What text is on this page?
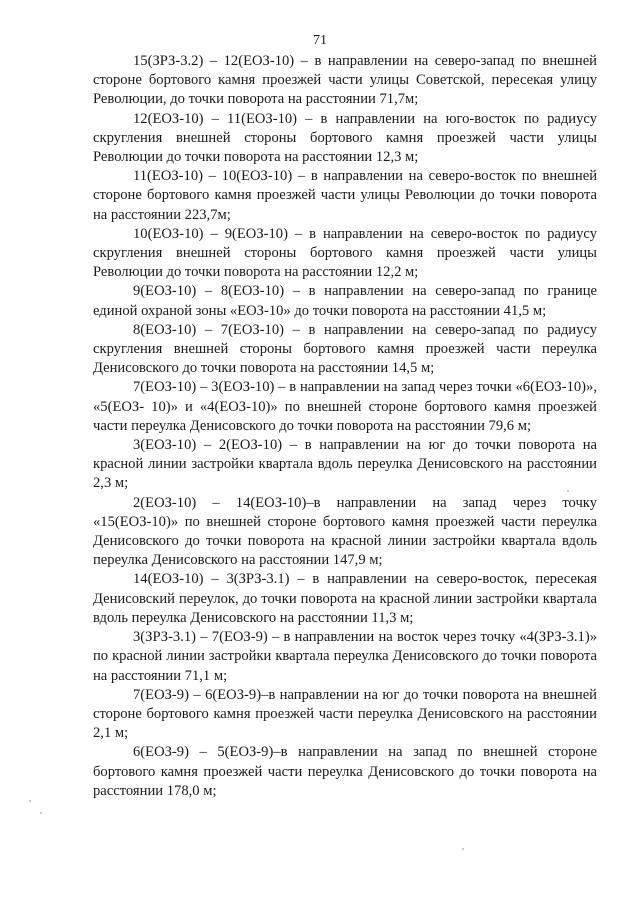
71

15(ЗРЗ-3.2) – 12(ЕОЗ-10) – в направлении на северо-запад по внешней стороне бортового камня проезжей части улицы Советской, пересекая улицу Революции, до точки поворота на расстоянии 71,7м;

12(ЕОЗ-10) – 11(ЕОЗ-10) – в направлении на юго-восток по радиусу скругления внешней стороны бортового камня проезжей части улицы Революции до точки поворота на расстоянии 12,3 м;

11(ЕОЗ-10) – 10(ЕОЗ-10) – в направлении на северо-восток по внешней стороне бортового камня проезжей части улицы Революции до точки поворота на расстоянии 223,7м;

10(ЕОЗ-10) – 9(ЕОЗ-10) – в направлении на северо-восток по радиусу скругления внешней стороны бортового камня проезжей части улицы Революции до точки поворота на расстоянии 12,2 м;

9(ЕОЗ-10) – 8(ЕОЗ-10) – в направлении на северо-запад по границе единой охраной зоны «ЕОЗ-10» до точки поворота на расстоянии 41,5 м;

8(ЕОЗ-10) – 7(ЕОЗ-10) – в направлении на северо-запад по радиусу скругления внешней стороны бортового камня проезжей части переулка Денисовского до точки поворота на расстоянии 14,5 м;

7(ЕОЗ-10) – 3(ЕОЗ-10) – в направлении на запад через точки «6(ЕОЗ-10)», «5(ЕОЗ- 10)» и «4(ЕОЗ-10)» по внешней стороне бортового камня проезжей части переулка Денисовского до точки поворота на расстоянии 79,6 м;

3(ЕОЗ-10) – 2(ЕОЗ-10) – в направлении на юг до точки поворота на красной линии застройки квартала вдоль переулка Денисовского на расстоянии 2,3 м;

2(ЕОЗ-10) – 14(ЕОЗ-10)–в направлении на запад через точку «15(ЕОЗ-10)» по внешней стороне бортового камня проезжей части переулка Денисовского до точки поворота на красной линии застройки квартала вдоль переулка Денисовского на расстоянии 147,9 м;

14(ЕОЗ-10) – 3(ЗРЗ-3.1) – в направлении на северо-восток, пересекая Денисовский переулок, до точки поворота на красной линии застройки квартала вдоль переулка Денисовского на расстоянии 11,3 м;

3(ЗРЗ-3.1) – 7(ЕОЗ-9) – в направлении на восток через точку «4(ЗРЗ-3.1)» по красной линии застройки квартала переулка Денисовского до точки поворота на расстоянии 71,1 м;

7(ЕОЗ-9) – 6(ЕОЗ-9)–в направлении на юг до точки поворота на внешней стороне бортового камня проезжей части переулка Денисовского на расстоянии 2,1 м;

6(ЕОЗ-9) – 5(ЕОЗ-9)–в направлении на запад по внешней стороне бортового камня проезжей части переулка Денисовского до точки поворота на расстоянии 178,0 м;
